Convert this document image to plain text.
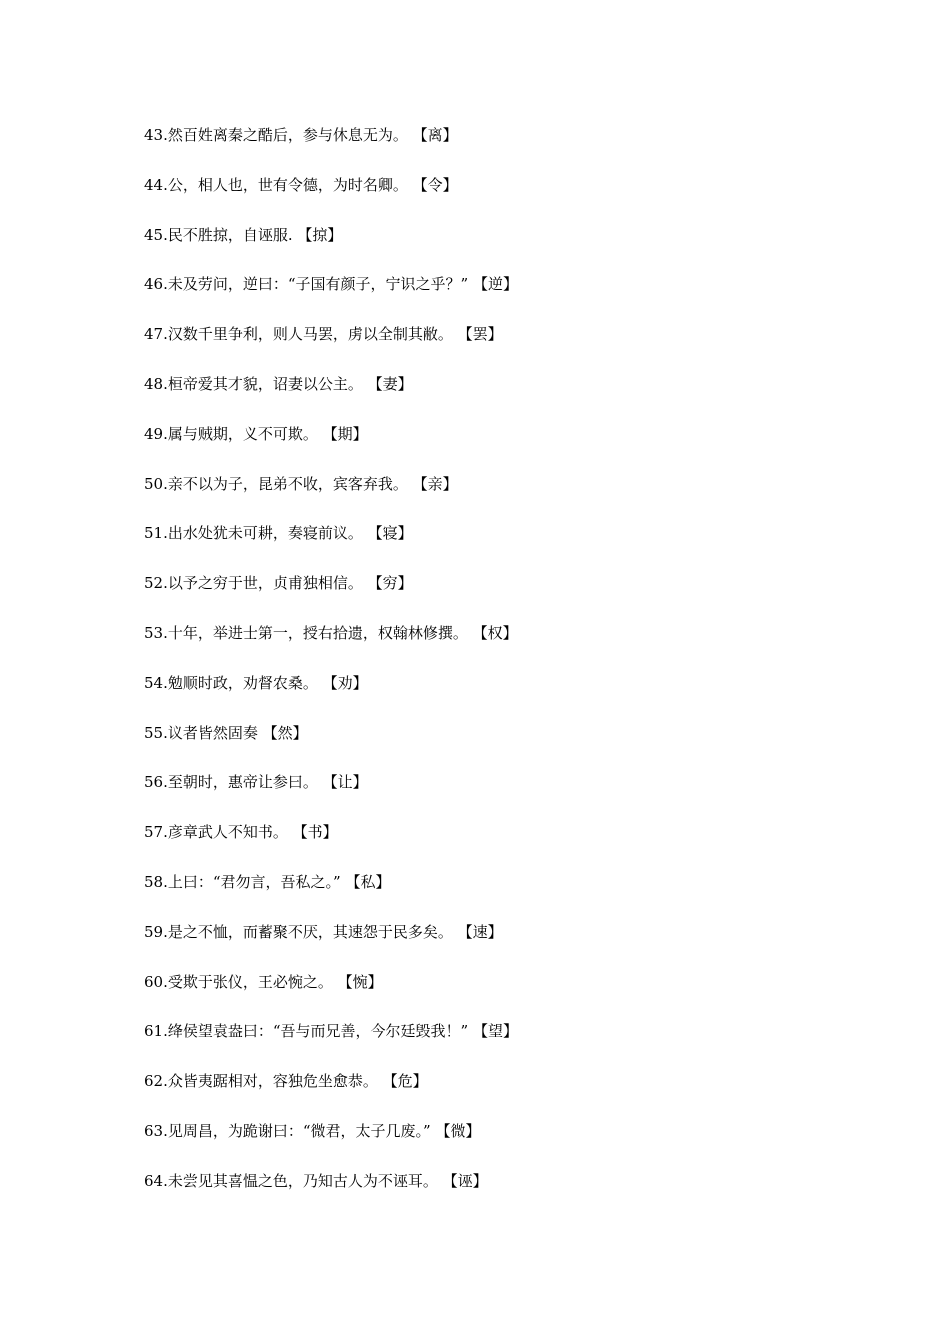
43.然百姓离秦之酷后，参与休息无为。 【离】
44.公，相人也，世有令德，为时名卿。 【令】
45.民不胜掠，自诬服. 【掠】
46.未及劳问，逆曰：“子国有颜子，宁识之乎？” 【逆】
47.汉数千里争利，则人马罢，虏以全制其敝。 【罢】
48.桓帝爱其才貌，诏妻以公主。 【妻】
49.属与贼期，义不可欺。 【期】
50.亲不以为子，昆弟不收，宾客弃我。 【亲】
51.出水处犹未可耕，奏寝前议。 【寝】
52.以予之穷于世，贞甫独相信。 【穷】
53.十年，举进士第一，授右拾遗，权翰林修撰。 【权】
54.勉顺时政，劝督农桑。 【劝】
55.议者皆然固奏 【然】
56.至朝时，惠帝让参曰。 【让】
57.彦章武人不知书。 【书】
58.上曰：“君勿言，吾私之。” 【私】
59.是之不恤，而蓄聚不厌，其速怨于民多矣。 【速】
60.受欺于张仪，王必惋之。 【惋】
61.绛侯望袁盎曰：“吾与而兄善，今尔廷毁我！” 【望】
62.众皆夷踞相对，容独危坐愈恭。 【危】
63.见周昌，为跪谢曰：“微君，太子几废。” 【微】
64.未尝见其喜愠之色，乃知古人为不诬耳。 【诬】
